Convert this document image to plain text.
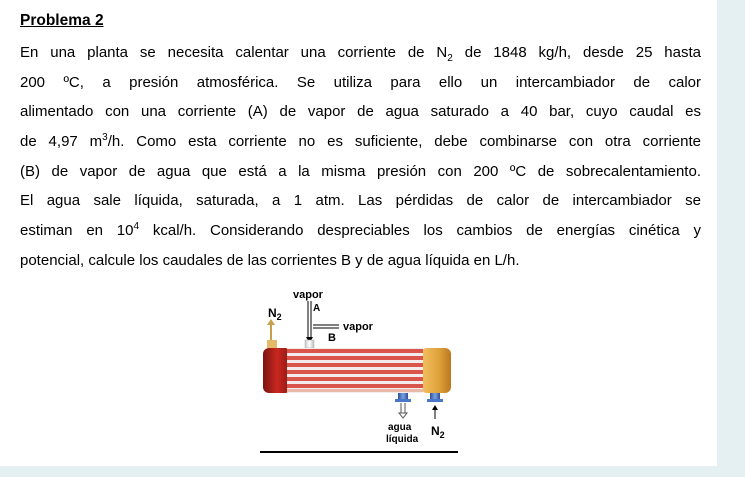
Problema 2
En una planta se necesita calentar una corriente de $N_2$ de 1848 kg/h, desde 25 hasta
200 ºC, a presión atmosférica. Se utiliza para ello un intercambiador de calor
alimentado con una corriente (A) de vapor de agua saturado a 40 bar, cuyo caudal es
de 4,97 $m^3/h$. Como esta corriente no es suficiente, debe combinarse con otra corriente
(B) de vapor de agua que está a la misma presión con 200 ºC de sobrecalentamiento.
El agua sale líquida, saturada, a 1 atm. Las pérdidas de calor de intercambiador se
estiman en $10^4$ kcal/h. Considerando despreciables los cambios de energías cinética y
potencial, calcule los caudales de las corrientes B y de agua líquida en L/h.
vapor
$N_2$
A
B
vapor
agua
líquida
$N_2$
